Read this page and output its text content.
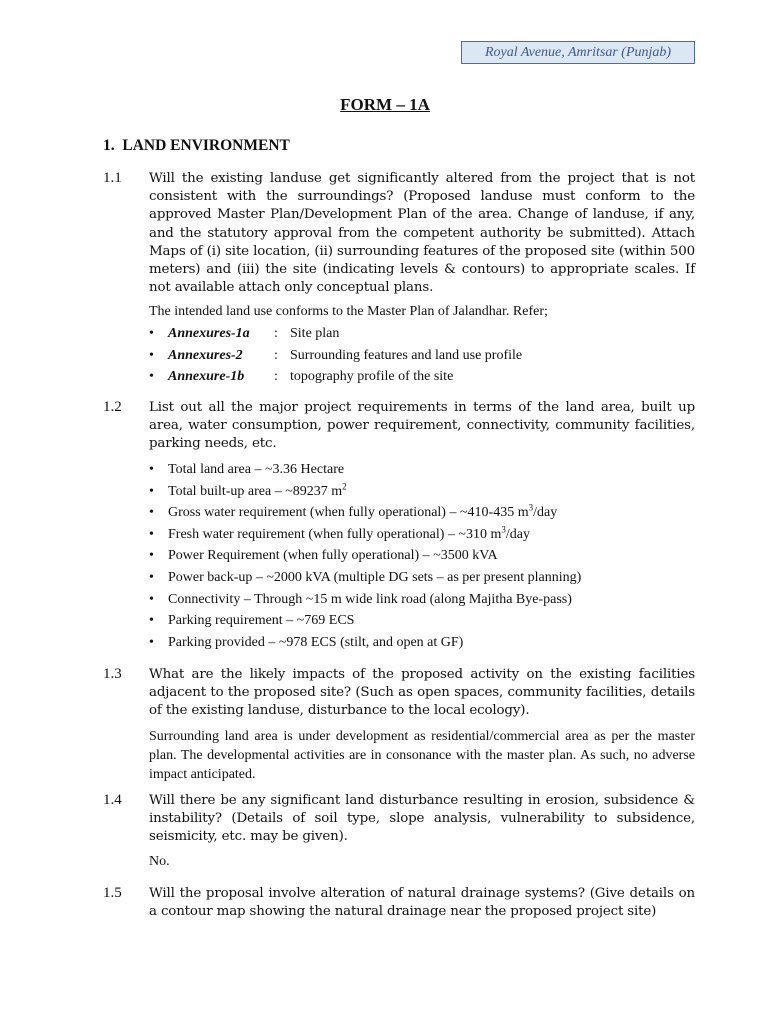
Royal Avenue, Amritsar (Punjab)
FORM – 1A
1. LAND ENVIRONMENT
1.1 Will the existing landuse get significantly altered from the project that is not consistent with the surroundings? (Proposed landuse must conform to the approved Master Plan/Development Plan of the area. Change of landuse, if any, and the statutory approval from the competent authority be submitted). Attach Maps of (i) site location, (ii) surrounding features of the proposed site (within 500 meters) and (iii) the site (indicating levels & contours) to appropriate scales. If not available attach only conceptual plans.
The intended land use conforms to the Master Plan of Jalandhar. Refer;
• Annexures-1a : Site plan
• Annexures-2 : Surrounding features and land use profile
• Annexure-1b : topography profile of the site
1.2 List out all the major project requirements in terms of the land area, built up area, water consumption, power requirement, connectivity, community facilities, parking needs, etc.
• Total land area – ~3.36 Hectare
• Total built-up area – ~89237 $m^2$
• Gross water requirement (when fully operational) – ~410-435 $m^3$/day
• Fresh water requirement (when fully operational) – ~310 $m^3$/day
• Power Requirement (when fully operational) – ~3500 kVA
• Power back-up – ~2000 kVA (multiple DG sets – as per present planning)
• Connectivity – Through ~15 m wide link road (along Majitha Bye-pass)
• Parking requirement – ~769 ECS
• Parking provided – ~978 ECS (stilt, and open at GF)
1.3 What are the likely impacts of the proposed activity on the existing facilities adjacent to the proposed site? (Such as open spaces, community facilities, details of the existing landuse, disturbance to the local ecology).
Surrounding land area is under development as residential/commercial area as per the master plan. The developmental activities are in consonance with the master plan. As such, no adverse impact anticipated.
1.4 Will there be any significant land disturbance resulting in erosion, subsidence & instability? (Details of soil type, slope analysis, vulnerability to subsidence, seismicity, etc. may be given).
No.
1.5 Will the proposal involve alteration of natural drainage systems? (Give details on a contour map showing the natural drainage near the proposed project site)
